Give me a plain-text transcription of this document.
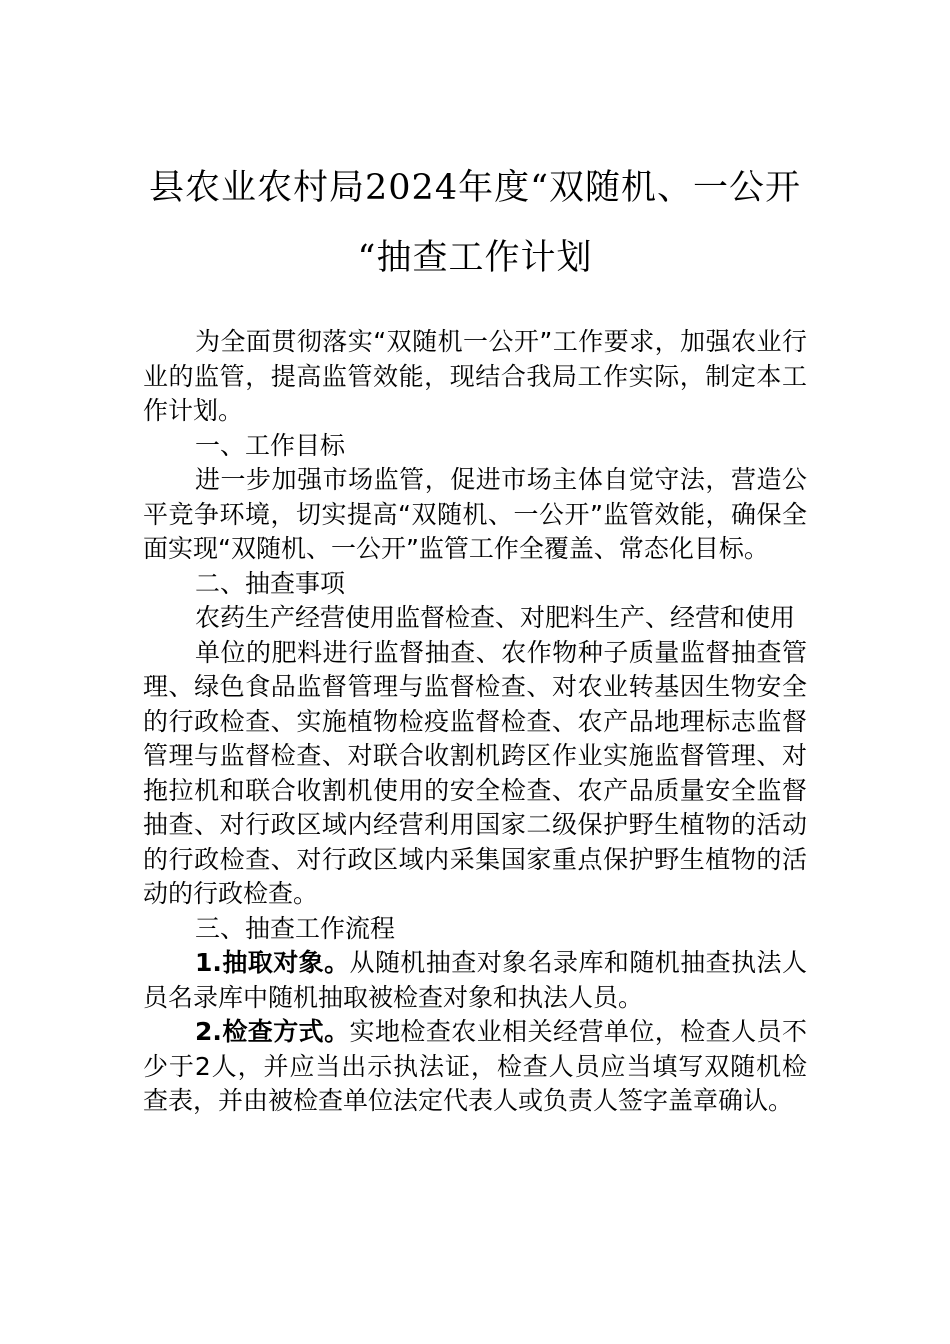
县农业农村局2024年度“双随机、一公开
“抽查工作计划

为全面贯彻落实“双随机一公开”工作要求，加强农业行业的监管，提高监管效能，现结合我局工作实际，制定本工作计划。

一、工作目标

进一步加强市场监管，促进市场主体自觉守法，营造公平竞争环境，切实提高“双随机、一公开”监管效能，确保全面实现“双随机、一公开”监管工作全覆盖、常态化目标。

二、抽查事项

农药生产经营使用监督检查、对肥料生产、经营和使用

单位的肥料进行监督抽查、农作物种子质量监督抽查管理、绿色食品监督管理与监督检查、对农业转基因生物安全的行政检查、实施植物检疫监督检查、农产品地理标志监督管理与监督检查、对联合收割机跨区作业实施监督管理、对拖拉机和联合收割机使用的安全检查、农产品质量安全监督抽查、对行政区域内经营利用国家二级保护野生植物的活动的行政检查、对行政区域内采集国家重点保护野生植物的活动的行政检查。

三、抽查工作流程

1.抽取对象。从随机抽查对象名录库和随机抽查执法人员名录库中随机抽取被检查对象和执法人员。

2.检查方式。实地检查农业相关经营单位，检查人员不少于2人，并应当出示执法证，检查人员应当填写双随机检查表，并由被检查单位法定代表人或负责人签字盖章确认。
